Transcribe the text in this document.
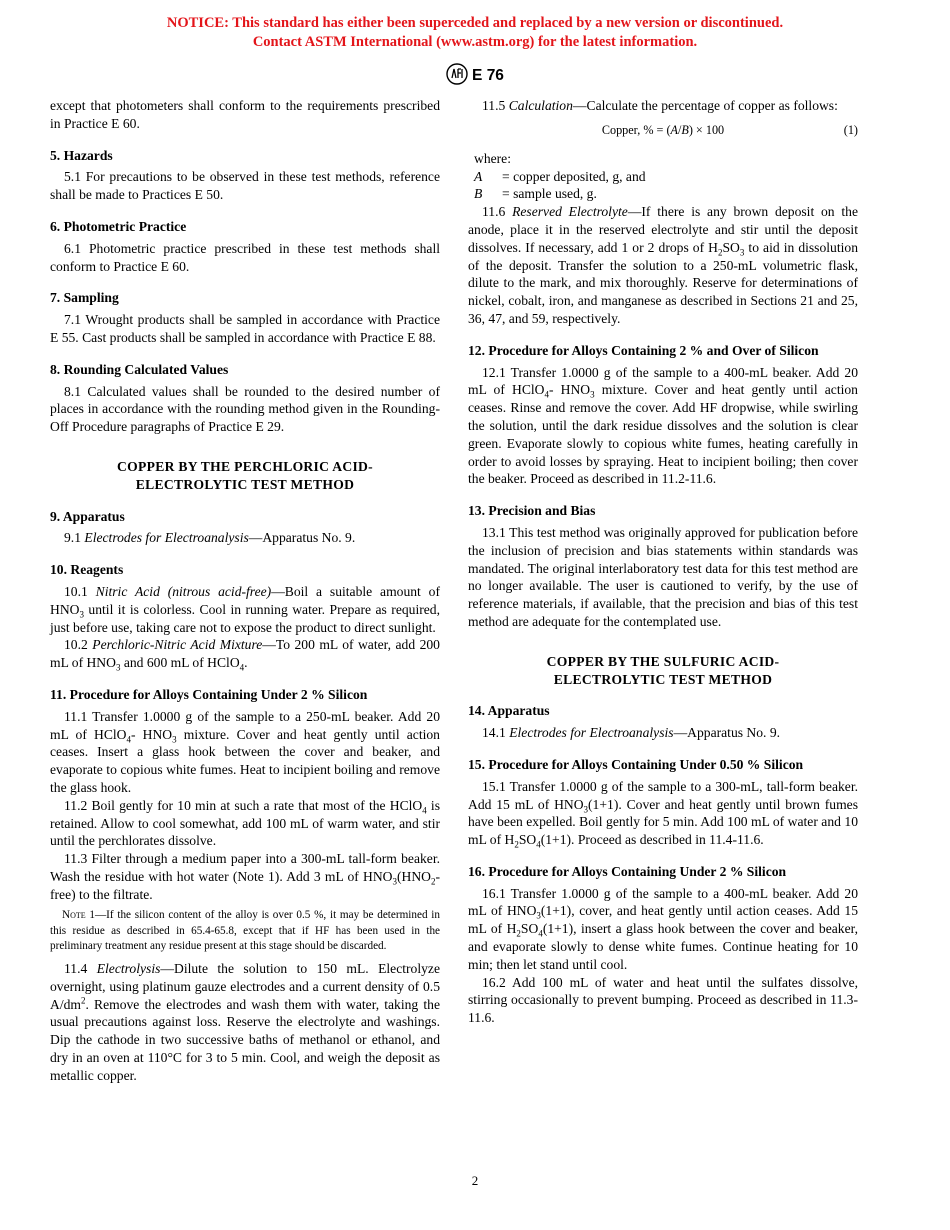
NOTICE: This standard has either been superceded and replaced by a new version or discontinued.
Contact ASTM International (www.astm.org) for the latest information.
E 76

except that photometers shall conform to the requirements prescribed in Practice E 60.

5. Hazards

5.1 For precautions to be observed in these test methods, reference shall be made to Practices E 50.

6. Photometric Practice

6.1 Photometric practice prescribed in these test methods shall conform to Practice E 60.

7. Sampling

7.1 Wrought products shall be sampled in accordance with Practice E 55. Cast products shall be sampled in accordance with Practice E 88.

8. Rounding Calculated Values

8.1 Calculated values shall be rounded to the desired number of places in accordance with the rounding method given in the Rounding-Off Procedure paragraphs of Practice E 29.

COPPER BY THE PERCHLORIC ACID-ELECTROLYTIC TEST METHOD

9. Apparatus

9.1 Electrodes for Electroanalysis—Apparatus No. 9.

10. Reagents

10.1 Nitric Acid (nitrous acid-free)—Boil a suitable amount of $HNO_3$ until it is colorless. Cool in running water. Prepare as required, just before use, taking care not to expose the product to direct sunlight.

10.2 Perchloric-Nitric Acid Mixture—To 200 mL of water, add 200 mL of $HNO_3$ and 600 mL of HClO$_4$.

11. Procedure for Alloys Containing Under 2 % Silicon

11.1 Transfer 1.0000 g of the sample to a 250-mL beaker. Add 20 mL of HClO$_4$- $HNO_3$ mixture. Cover and heat gently until action ceases. Insert a glass hook between the cover and beaker, and evaporate to copious white fumes. Heat to incipient boiling and remove the glass hook.

11.2 Boil gently for 10 min at such a rate that most of the HClO$_4$ is retained. Allow to cool somewhat, add 100 mL of warm water, and stir until the perchlorates dissolve.

11.3 Filter through a medium paper into a 300-mL tall-form beaker. Wash the residue with hot water (Note 1). Add 3 mL of $HNO_3(HNO_2-free)$ to the filtrate.

Note 1—If the silicon content of the alloy is over 0.5 %, it may be determined in this residue as described in 65.4-65.8, except that if HF has been used in the preliminary treatment any residue present at this stage should be discarded.

11.4 Electrolysis—Dilute the solution to 150 mL. Electrolyze overnight, using platinum gauze electrodes and a current density of 0.5 $A/dm^2$. Remove the electrodes and wash them with water, taking the usual precautions against loss. Reserve the electrolyte and washings. Dip the cathode in two successive baths of methanol or ethanol, and dry in an oven at 110°C for 3 to 5 min. Cool, and weigh the deposit as metallic copper.

11.5 Calculation—Calculate the percentage of copper as follows:

Copper, % = (A/B) × 100	(1)

where:

A = copper deposited, g, and

B = sample used, g.

11.6 Reserved Electrolyte—If there is any brown deposit on the anode, place it in the reserved electrolyte and stir until the deposit dissolves. If necessary, add 1 or 2 drops of $H_2SO_3$ to aid in dissolution of the deposit. Transfer the solution to a 250-mL volumetric flask, dilute to the mark, and mix thoroughly. Reserve for determinations of nickel, cobalt, iron, and manganese as described in Sections 21 and 25, 36, 47, and 59, respectively.

12. Procedure for Alloys Containing 2 % and Over of Silicon

12.1 Transfer 1.0000 g of the sample to a 400-mL beaker. Add 20 mL of HClO$_4$- $HNO_3$ mixture. Cover and heat gently until action ceases. Rinse and remove the cover. Add HF dropwise, while swirling the solution, until the dark residue dissolves and the solution is clear green. Evaporate slowly to copious white fumes, heating carefully in order to avoid losses by spraying. Heat to incipient boiling; then cover the beaker. Proceed as described in 11.2-11.6.

13. Precision and Bias

13.1 This test method was originally approved for publication before the inclusion of precision and bias statements within standards was mandated. The original interlaboratory test data for this test method are no longer available. The user is cautioned to verify, by the use of reference materials, if available, that the precision and bias of this test method are adequate for the contemplated use.

COPPER BY THE SULFURIC ACID-ELECTROLYTIC TEST METHOD

14. Apparatus

14.1 Electrodes for Electroanalysis—Apparatus No. 9.

15. Procedure for Alloys Containing Under 0.50 % Silicon

15.1 Transfer 1.0000 g of the sample to a 300-mL, tall-form beaker. Add 15 mL of $HNO_3(1+1)$. Cover and heat gently until brown fumes have been expelled. Boil gently for 5 min. Add 100 mL of water and 10 mL of $H_2SO_4(1+1)$. Proceed as described in 11.4-11.6.

16. Procedure for Alloys Containing Under 2 % Silicon

16.1 Transfer 1.0000 g of the sample to a 400-mL beaker. Add 20 mL of $HNO_3(1+1)$, cover, and heat gently until action ceases. Add 15 mL of $H_2SO_4(1+1)$, insert a glass hook between the cover and beaker, and evaporate slowly to dense white fumes. Continue heating for 10 min; then let stand until cool.

16.2 Add 100 mL of water and heat until the sulfates dissolve, stirring occasionally to prevent bumping. Proceed as described in 11.3-11.6.

2
